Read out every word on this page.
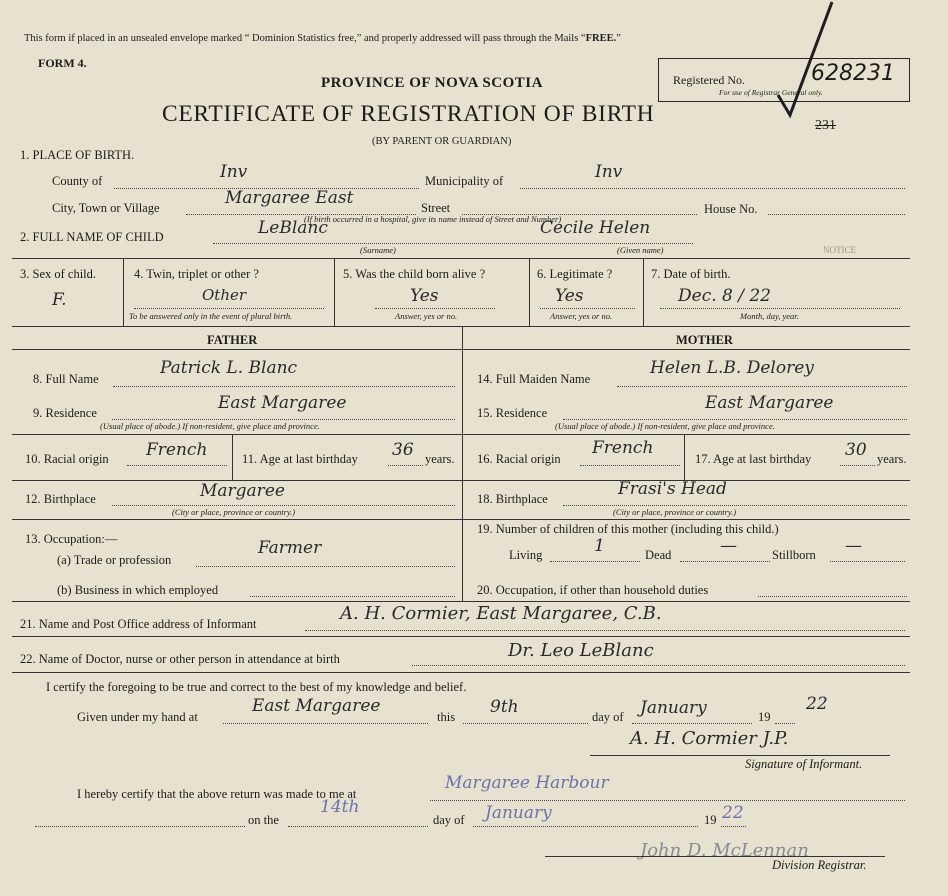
This form if placed in an unsealed envelope marked “ Dominion Statistics free,” and properly addressed will pass through the Mails “FREE.”
FORM 4.
PROVINCE OF NOVA SCOTIA
CERTIFICATE OF REGISTRATION OF BIRTH
(BY PARENT OR GUARDIAN)
Registered No.	628231
For use of Registrar General only.
231
1. PLACE OF BIRTH.
County of	Inv	Municipality of	Inv
City, Town or Village	Margaree East	Street	House No.
(If birth occurred in a hospital, give its name instead of Street and Number)
2. FULL NAME OF CHILD	LeBlanc	Cecile Helen
(Surname)	(Given name)	NOTICE
3. Sex of child.
F.
4. Twin, triplet or other ?
Other
To be answered only in the event of plural birth.
5. Was the child born alive ?
Yes
Answer, yes or no.
6. Legitimate ?
Yes
Answer, yes or no.
7. Date of birth.
Dec. 8 / 22
Month, day, year.
FATHER	MOTHER
8. Full Name
Patrick L. Blanc
9. Residence	East Margaree
(Usual place of abode.) If non-resident, give place and province.
10. Racial origin French	11. Age at last birthday 36 years.
12. Birthplace	Margaree
(City or place, province or country.)
13. Occupation:—
(a) Trade or profession
Farmer
(b) Business in which employed
14. Full Maiden Name
Helen L.B. Delorey
15. Residence	East Margaree
(Usual place of abode.) If non-resident, give place and province.
16. Racial origin
French
17. Age at last birthday 30 years.
18. Birthplace	Frasi's Head
(City or place, province or country.)
19. Number of children of this mother (including this child.)
Living	1	Dead	—	Stillborn —
20. Occupation, if other than household duties
21. Name and Post Office address of Informant	A. H. Cormier, East Margaree, C.B.
22. Name of Doctor, nurse or other person in attendance at birth	Dr. Leo LeBlanc
I certify the foregoing to be true and correct to the best of my knowledge and belief.
Given under my hand at
East Margaree
this 9th	day of January	19
22
A. H. Cormier J.P.
Signature of Informant.
I hereby certify that the above return was made to me at
Margaree Harbour
on the
14th
day of January	19 22
John D. McLennan
Division Registrar.
